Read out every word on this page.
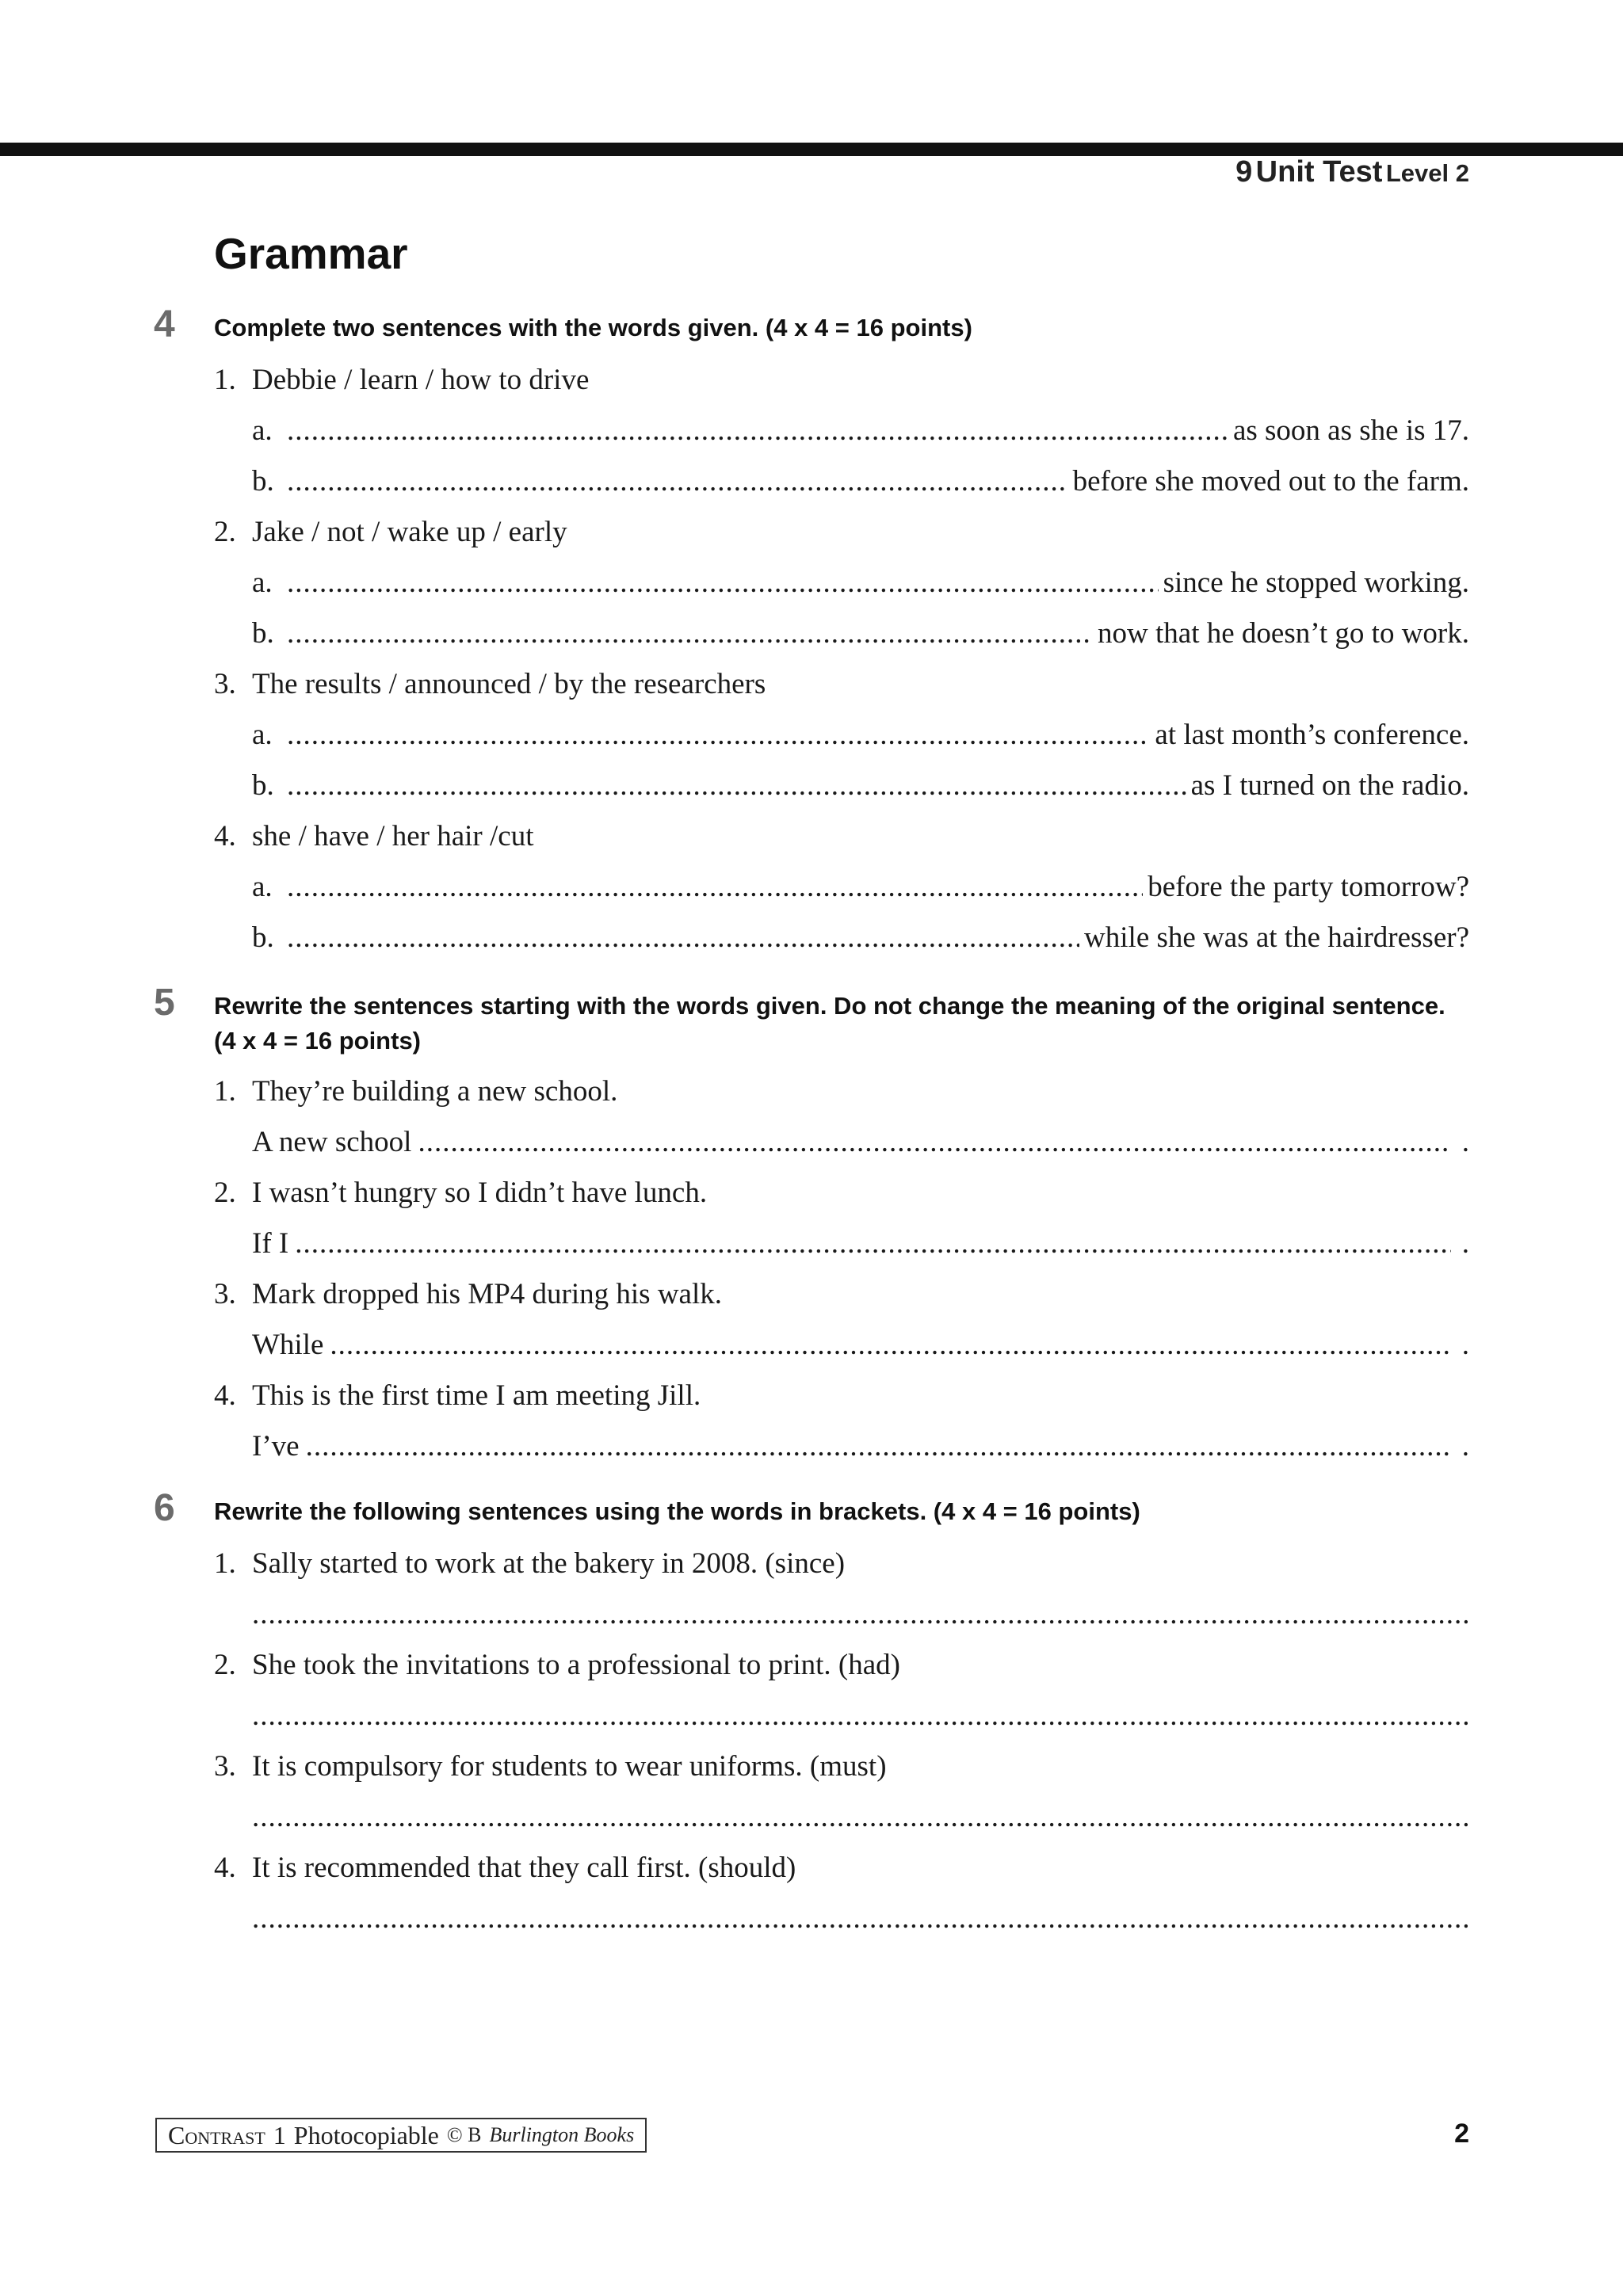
9 Unit Test Level 2
Grammar
4 Complete two sentences with the words given. (4 x 4 = 16 points)
1. Debbie / learn / how to drive
a. .....	as soon as she is 17.
b. .....	before she moved out to the farm.
2. Jake / not / wake up / early
a. .....	since he stopped working.
b. .....	now that he doesn’t go to work.
3. The results / announced / by the researchers
a. .....	at last month’s conference.
b. .....	as I turned on the radio.
4. she / have / her hair /cut
a. .....	before the party tomorrow?
b. .....	while she was at the hairdresser?
5 Rewrite the sentences starting with the words given. Do not change the meaning of the original sentence. (4 x 4 = 16 points)
1. They’re building a new school.
A new school .....	.
2. I wasn’t hungry so I didn’t have lunch.
If I .....	.
3. Mark dropped his MP4 during his walk.
While .....	.
4. This is the first time I am meeting Jill.
I’ve .....	.
6 Rewrite the following sentences using the words in brackets. (4 x 4 = 16 points)
1. Sally started to work at the bakery in 2008. (since)
.....
2. She took the invitations to a professional to print. (had)
.....
3. It is compulsory for students to wear uniforms. (must)
.....
4. It is recommended that they call first. (should)
.....
Contrast 1 Photocopiable © B Burlington Books	2
